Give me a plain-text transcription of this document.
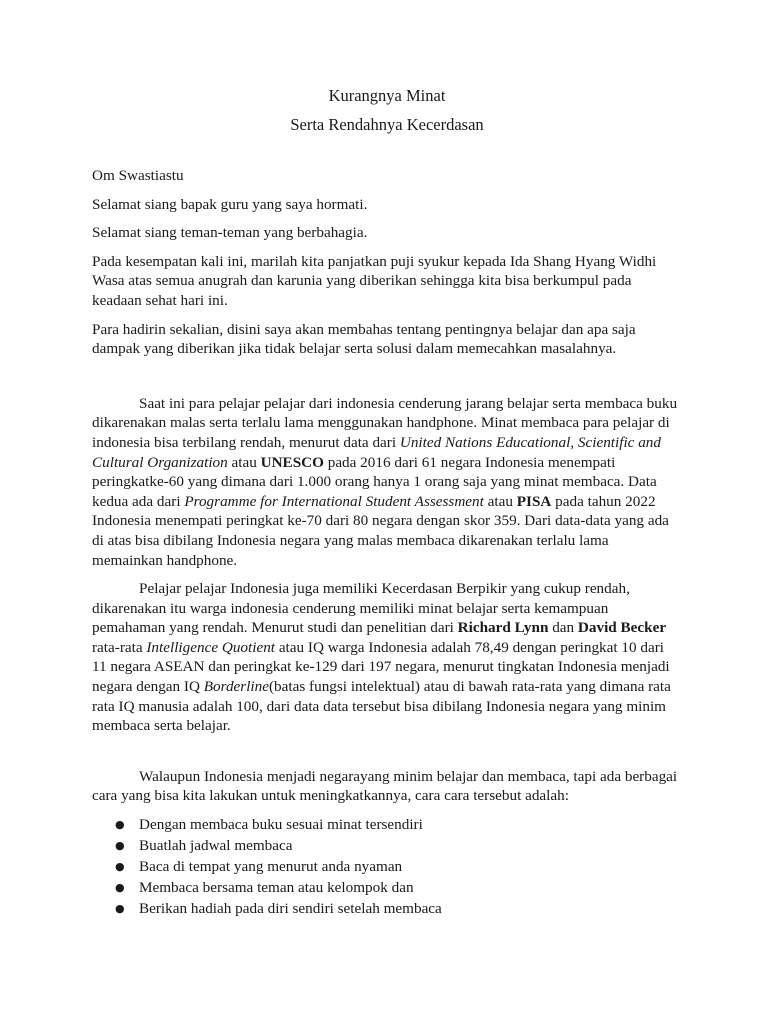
Kurangnya Minat

Serta Rendahnya Kecerdasan

Om Swastiastu

Selamat siang bapak guru yang saya hormati.

Selamat siang teman-teman yang berbahagia.

Pada kesempatan kali ini, marilah kita panjatkan puji syukur kepada Ida Shang Hyang Widhi Wasa atas semua anugrah dan karunia yang diberikan sehingga kita bisa berkumpul pada keadaan sehat hari ini.

Para hadirin sekalian, disini saya akan membahas tentang pentingnya belajar dan apa saja dampak yang diberikan jika tidak belajar serta solusi dalam memecahkan masalahnya.

Saat ini para pelajar pelajar dari indonesia cenderung jarang belajar serta membaca buku dikarenakan malas serta terlalu lama menggunakan handphone. Minat membaca para pelajar di indonesia bisa terbilang rendah, menurut data dari United Nations Educational, Scientific and Cultural Organization atau UNESCO pada 2016 dari 61 negara Indonesia menempati peringkatke-60 yang dimana dari 1.000 orang hanya 1 orang saja yang minat membaca. Data kedua ada dari Programme for International Student Assessment atau PISA pada tahun 2022 Indonesia menempati peringkat ke-70 dari 80 negara dengan skor 359. Dari data-data yang ada di atas bisa dibilang Indonesia negara yang malas membaca dikarenakan terlalu lama memainkan handphone.

Pelajar pelajar Indonesia juga memiliki Kecerdasan Berpikir yang cukup rendah, dikarenakan itu warga indonesia cenderung memiliki minat belajar serta kemampuan pemahaman yang rendah. Menurut studi dan penelitian dari Richard Lynn dan David Becker rata-rata Intelligence Quotient atau IQ warga Indonesia adalah 78,49 dengan peringkat 10 dari 11 negara ASEAN dan peringkat ke-129 dari 197 negara, menurut tingkatan Indonesia menjadi negara dengan IQ Borderline(batas fungsi intelektual) atau di bawah rata-rata yang dimana rata rata IQ manusia adalah 100, dari data data tersebut bisa dibilang Indonesia negara yang minim membaca serta belajar.

Walaupun Indonesia menjadi negarayang minim belajar dan membaca, tapi ada berbagai cara yang bisa kita lakukan untuk meningkatkannya, cara cara tersebut adalah:

● Dengan membaca buku sesuai minat tersendiri
● Buatlah jadwal membaca
● Baca di tempat yang menurut anda nyaman
● Membaca bersama teman atau kelompok dan
● Berikan hadiah pada diri sendiri setelah membaca
